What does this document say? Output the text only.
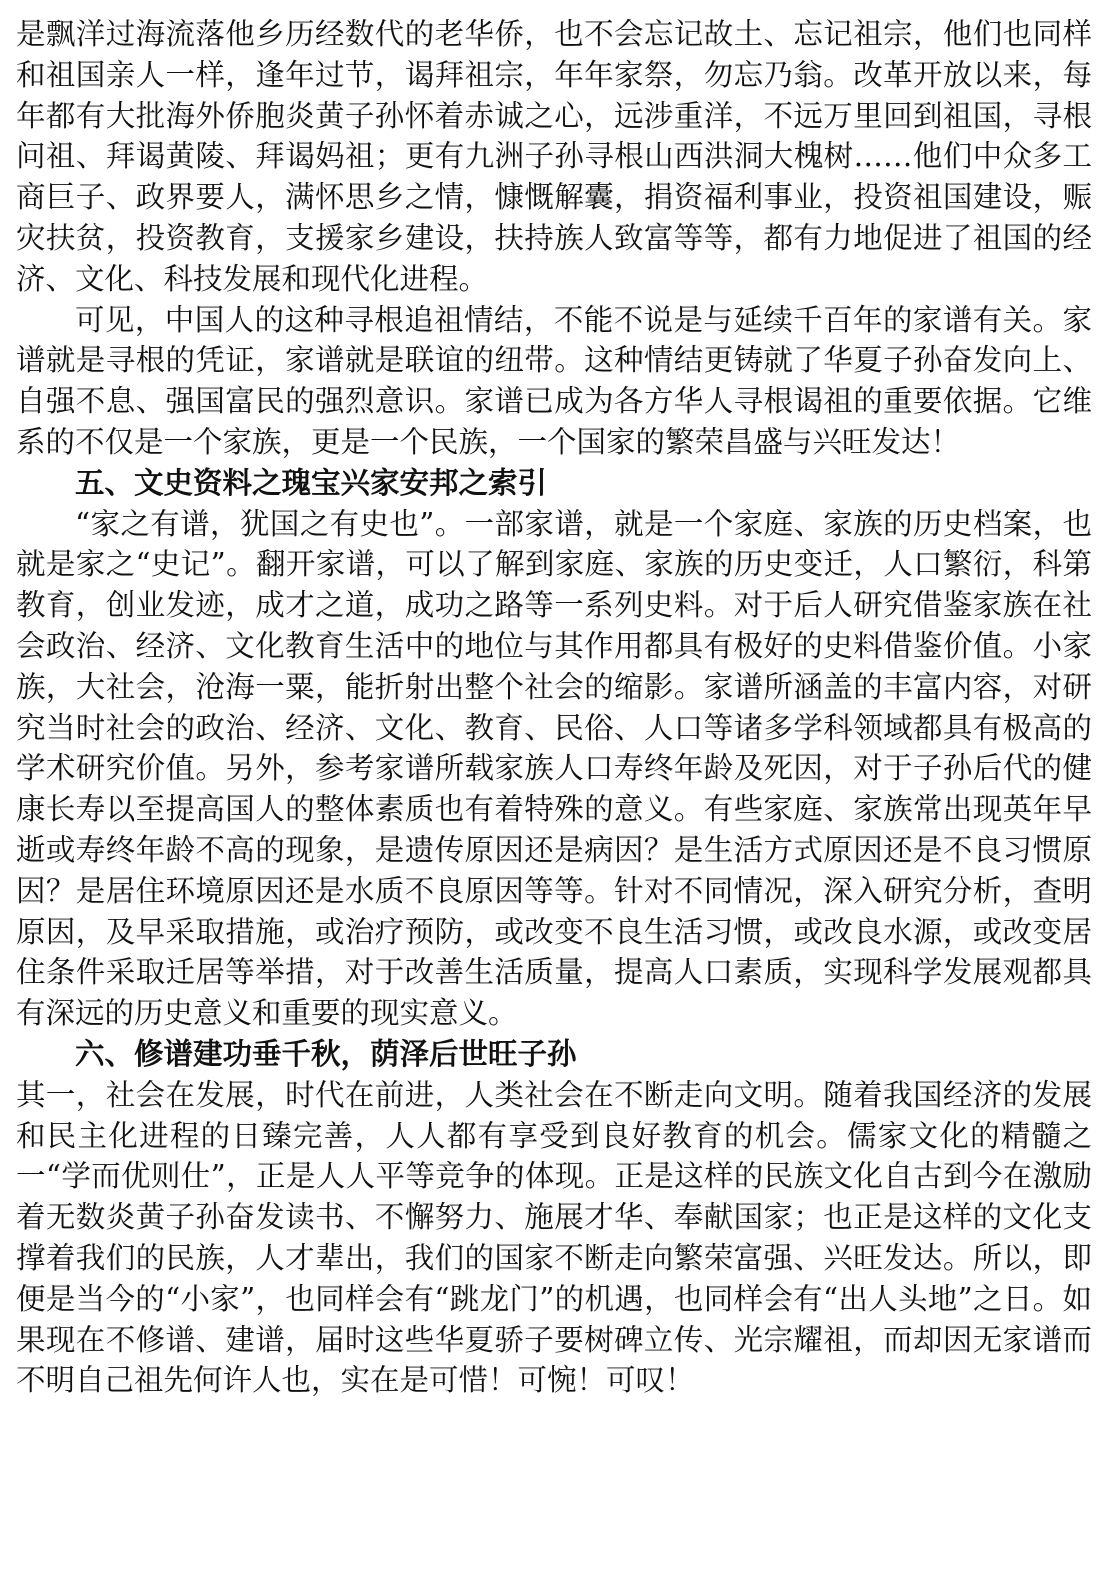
是飘洋过海流落他乡历经数代的老华侨，也不会忘记故土、忘记祖宗，他们也同样和祖国亲人一样，逢年过节，谒拜祖宗，年年家祭，勿忘乃翁。改革开放以来，每年都有大批海外侨胞炎黄子孙怀着赤诚之心，远涉重洋，不远万里回到祖国，寻根问祖、拜谒黄陵、拜谒妈祖；更有九洲子孙寻根山西洪洞大槐树……他们中众多工商巨子、政界要人，满怀思乡之情，慷慨解囊，捐资福利事业，投资祖国建设，赈灾扶贫，投资教育，支援家乡建设，扶持族人致富等等，都有力地促进了祖国的经济、文化、科技发展和现代化进程。

可见，中国人的这种寻根追祖情结，不能不说是与延续千百年的家谱有关。家谱就是寻根的凭证，家谱就是联谊的纽带。这种情结更铸就了华夏子孙奋发向上、自强不息、强国富民的强烈意识。家谱已成为各方华人寻根谒祖的重要依据。它维系的不仅是一个家族，更是一个民族，一个国家的繁荣昌盛与兴旺发达！

五、文史资料之瑰宝兴家安邦之索引

“家之有谱，犹国之有史也”。一部家谱，就是一个家庭、家族的历史档案，也就是家之“史记”。翻开家谱，可以了解到家庭、家族的历史变迁，人口繁衍，科第教育，创业发迹，成才之道，成功之路等一系列史料。对于后人研究借鉴家族在社会政治、经济、文化教育生活中的地位与其作用都具有极好的史料借鉴价值。小家族，大社会，沧海一粟，能折射出整个社会的缩影。家谱所涵盖的丰富内容，对研究当时社会的政治、经济、文化、教育、民俗、人口等诸多学科领域都具有极高的学术研究价值。另外，参考家谱所载家族人口寿终年龄及死因，对于子孙后代的健康长寿以至提高国人的整体素质也有着特殊的意义。有些家庭、家族常出现英年早逝或寿终年龄不高的现象，是遗传原因还是病因？是生活方式原因还是不良习惯原因？是居住环境原因还是水质不良原因等等。针对不同情况，深入研究分析，查明原因，及早采取措施，或治疗预防，或改变不良生活习惯，或改良水源，或改变居住条件采取迁居等举措，对于改善生活质量，提高人口素质，实现科学发展观都具有深远的历史意义和重要的现实意义。

六、修谱建功垂千秋，荫泽后世旺子孙

其一，社会在发展，时代在前进，人类社会在不断走向文明。随着我国经济的发展和民主化进程的日臻完善，人人都有享受到良好教育的机会。儒家文化的精髓之一“学而优则仕”，正是人人平等竞争的体现。正是这样的民族文化自古到今在激励着无数炎黄子孙奋发读书、不懈努力、施展才华、奉献国家；也正是这样的文化支撑着我们的民族，人才辈出，我们的国家不断走向繁荣富强、兴旺发达。所以，即便是当今的“小家”，也同样会有“跳龙门”的机遇，也同样会有“出人头地”之日。如果现在不修谱、建谱，届时这些华夏骄子要树碑立传、光宗耀祖，而却因无家谱而不明自己祖先何许人也，实在是可惜！可惋！可叹！
